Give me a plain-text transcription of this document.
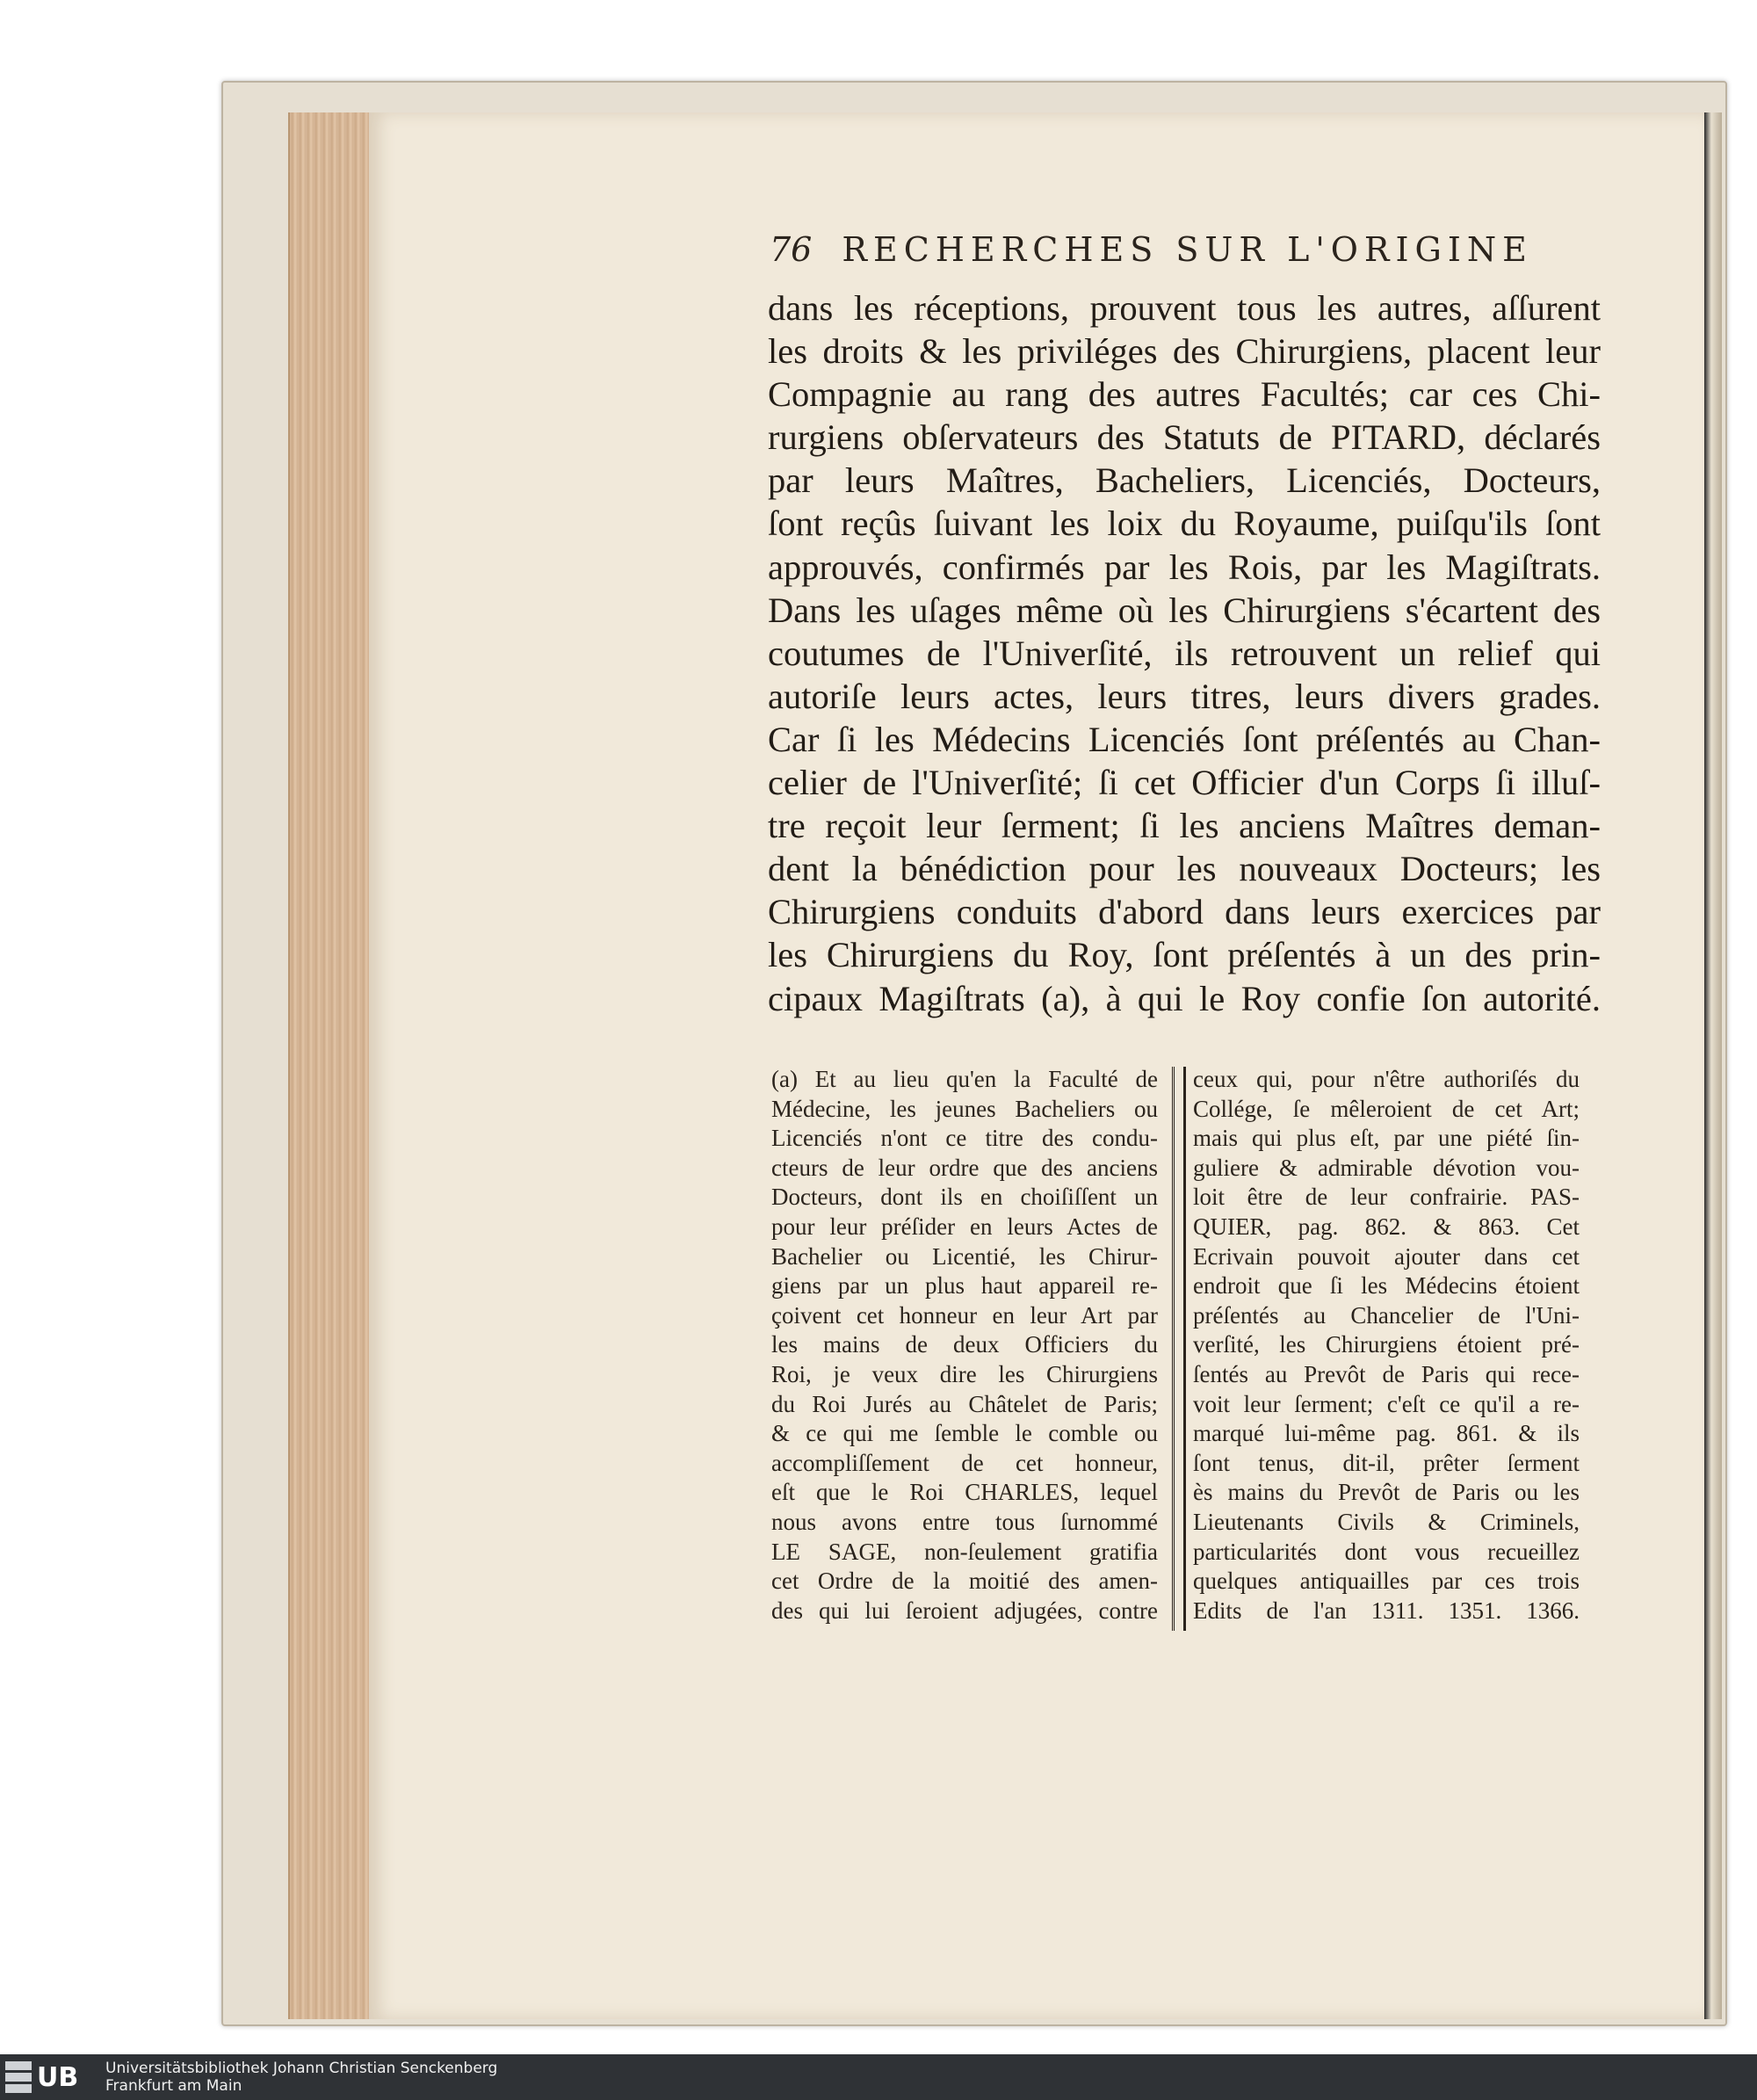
76 RECHERCHES SUR L'ORIGINE
dans les réceptions, prouvent tous les autres, aſſurent
les droits & les priviléges des Chirurgiens, placent leur
Compagnie au rang des autres Facultés; car ces Chi-
rurgiens obſervateurs des Statuts de PITARD, déclarés
par leurs Maîtres, Bacheliers, Licenciés, Docteurs,
ſont reçûs ſuivant les loix du Royaume, puiſqu'ils ſont
approuvés, confirmés par les Rois, par les Magiſtrats.
Dans les uſages même où les Chirurgiens s'écartent des
coutumes de l'Univerſité, ils retrouvent un relief qui
autoriſe leurs actes, leurs titres, leurs divers grades.
Car ſi les Médecins Licenciés ſont préſentés au Chan-
celier de l'Univerſité; ſi cet Officier d'un Corps ſi illuſ-
tre reçoit leur ſerment; ſi les anciens Maîtres deman-
dent la bénédiction pour les nouveaux Docteurs; les
Chirurgiens conduits d'abord dans leurs exercices par
les Chirurgiens du Roy, ſont préſentés à un des prin-
cipaux Magiſtrats (a), à qui le Roy confie ſon autorité.
(a) Et au lieu qu'en la Faculté de
Médecine, les jeunes Bacheliers ou
Licenciés n'ont ce titre des condu-
cteurs de leur ordre que des anciens
Docteurs, dont ils en choiſiſſent un
pour leur préſider en leurs Actes de
Bachelier ou Licentié, les Chirur-
giens par un plus haut appareil re-
çoivent cet honneur en leur Art par
les mains de deux Officiers du
Roi, je veux dire les Chirurgiens
du Roi Jurés au Châtelet de Paris;
& ce qui me ſemble le comble ou
accompliſſement de cet honneur,
eſt que le Roi CHARLES, lequel
nous avons entre tous ſurnommé
LE SAGE, non-ſeulement gratifia
cet Ordre de la moitié des amen-
des qui lui ſeroient adjugées, contre
ceux qui, pour n'être authoriſés du
Collége, ſe mêleroient de cet Art;
mais qui plus eſt, par une piété ſin-
guliere & admirable dévotion vou-
loit être de leur confrairie. PAS-
QUIER, pag. 862. & 863. Cet
Ecrivain pouvoit ajouter dans cet
endroit que ſi les Médecins étoient
préſentés au Chancelier de l'Uni-
verſité, les Chirurgiens étoient pré-
ſentés au Prevôt de Paris qui rece-
voit leur ſerment; c'eſt ce qu'il a re-
marqué lui-même pag. 861. & ils
ſont tenus, dit-il, prêter ſerment
ès mains du Prevôt de Paris ou les
Lieutenants Civils & Criminels,
particularités dont vous recueillez
quelques antiquailles par ces trois
Edits de l'an 1311. 1351. 1366.
UB Universitätsbibliothek Johann Christian Senckenberg
Frankfurt am Main
